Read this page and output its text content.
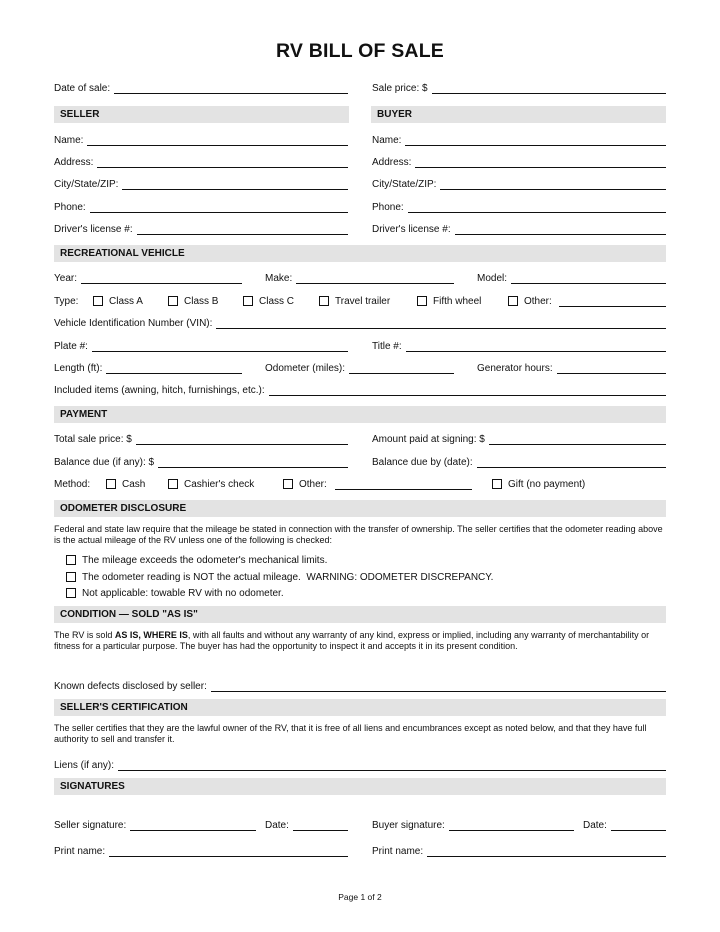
RV BILL OF SALE
Date of sale:	Sale price: $
SELLER	BUYER
Name:	Name:
Address:	Address:
City/State/ZIP:	City/State/ZIP:
Phone:	Phone:
Driver's license #:	Driver's license #:
RECREATIONAL VEHICLE
Year:	Make:	Model:
Type:	Class A	Class B	Class C	Travel trailer	Fifth wheel	Other:
Vehicle Identification Number (VIN):
Plate #:	Title #:
Length (ft):	Odometer (miles):	Generator hours:
Included items (awning, hitch, furnishings, etc.):
PAYMENT
Total sale price: $	Amount paid at signing: $
Balance due (if any): $	Balance due by (date):
Method:	Cash	Cashier's check	Other:	Gift (no payment)
ODOMETER DISCLOSURE
Federal and state law require that the mileage be stated in connection with the transfer of ownership. The seller certifies that the odometer reading above is the actual mileage of the RV unless one of the following is checked:
The mileage exceeds the odometer's mechanical limits.
The odometer reading is NOT the actual mileage.  WARNING: ODOMETER DISCREPANCY.
Not applicable: towable RV with no odometer.
CONDITION — SOLD "AS IS"
The RV is sold AS IS, WHERE IS, with all faults and without any warranty of any kind, express or implied, including any warranty of merchantability or fitness for a particular purpose. The buyer has had the opportunity to inspect it and accepts it in its present condition.
Known defects disclosed by seller:
SELLER'S CERTIFICATION
The seller certifies that they are the lawful owner of the RV, that it is free of all liens and encumbrances except as noted below, and that they have full authority to sell and transfer it.
Liens (if any):
SIGNATURES
Seller signature:	Date:	Buyer signature:	Date:
Print name:	Print name:
Page 1 of 2
